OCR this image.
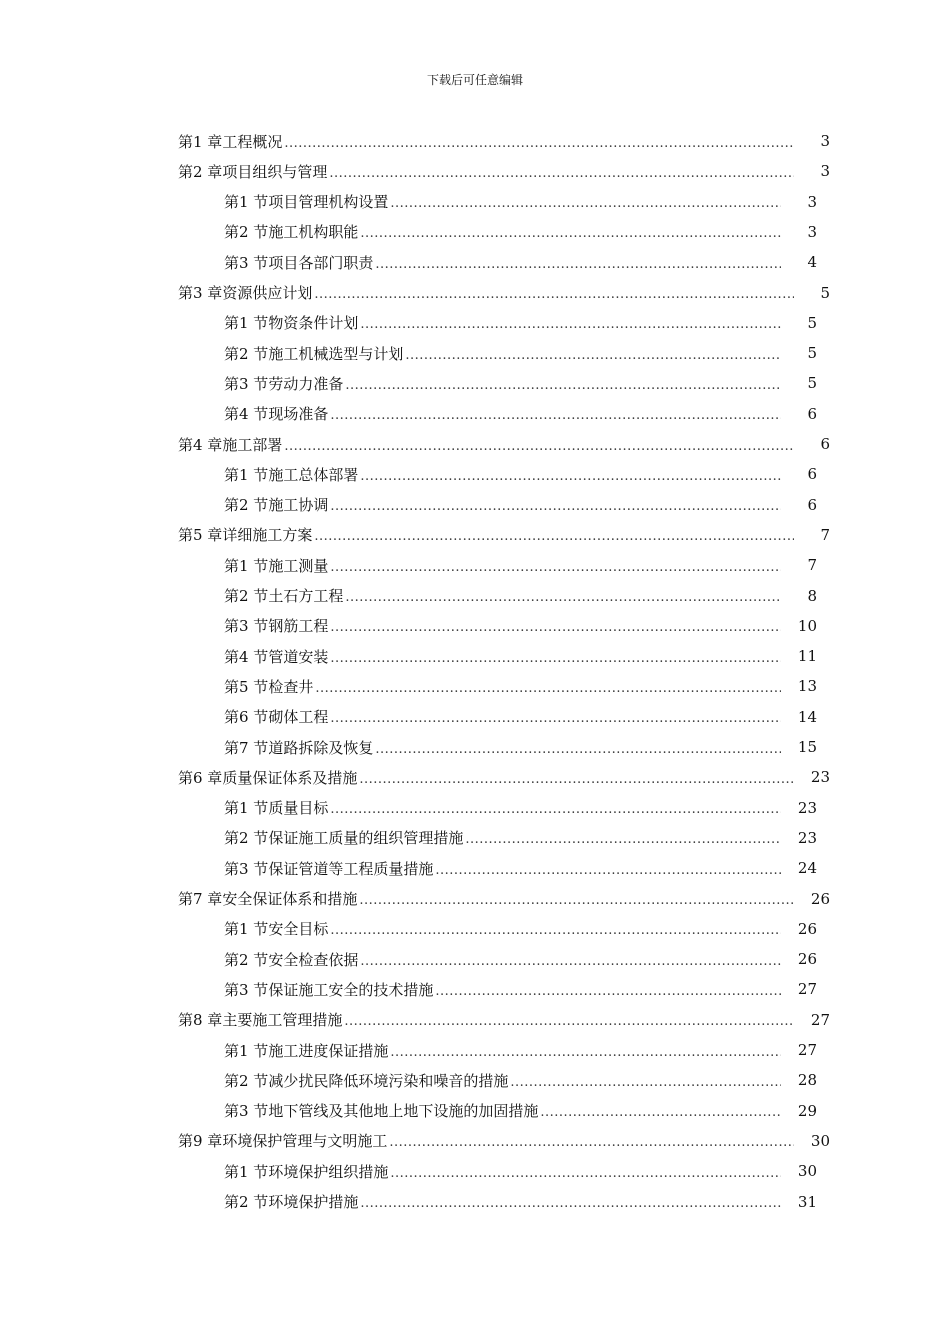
下载后可任意编辑
第1 章 工程概况 .....	3
第2 章 项目组织与管理 .....	3
第1 节 项目管理机构设置 .....	3
第2 节 施工机构职能 .....	3
第3 节 项目各部门职责 .....	4
第3 章 资源供应计划 .....	5
第1 节 物资条件计划 .....	5
第2 节 施工机械选型与计划 .....	5
第3 节 劳动力准备 .....	5
第4 节 现场准备 .....	6
第4 章 施工部署 .....	6
第1 节 施工总体部署 .....	6
第2 节 施工协调 .....	6
第5 章 详细施工方案 .....	7
第1 节 施工测量 .....	7
第2 节 土石方工程 .....	8
第3 节 钢筋工程 .....	10
第4 节 管道安装 .....	11
第5 节 检查井 .....	13
第6 节 砌体工程 .....	14
第7 节 道路拆除及恢复 .....	15
第6 章 质量保证体系及措施 .....	23
第1 节 质量目标 .....	23
第2 节 保证施工质量的组织管理措施 .....	23
第3 节 保证管道等工程质量措施 .....	24
第7 章 安全保证体系和措施 .....	26
第1 节 安全目标 .....	26
第2 节 安全检查依据 .....	26
第3 节 保证施工安全的技术措施 .....	27
第8 章 主要施工管理措施 .....	27
第1 节 施工进度保证措施 .....	27
第2 节 减少扰民降低环境污染和噪音的措施 .....	28
第3 节 地下管线及其他地上地下设施的加固措施 .....	29
第9 章 环境保护管理与文明施工 .....	30
第1 节 环境保护组织措施 .....	30
第2 节 环境保护措施 .....	31
